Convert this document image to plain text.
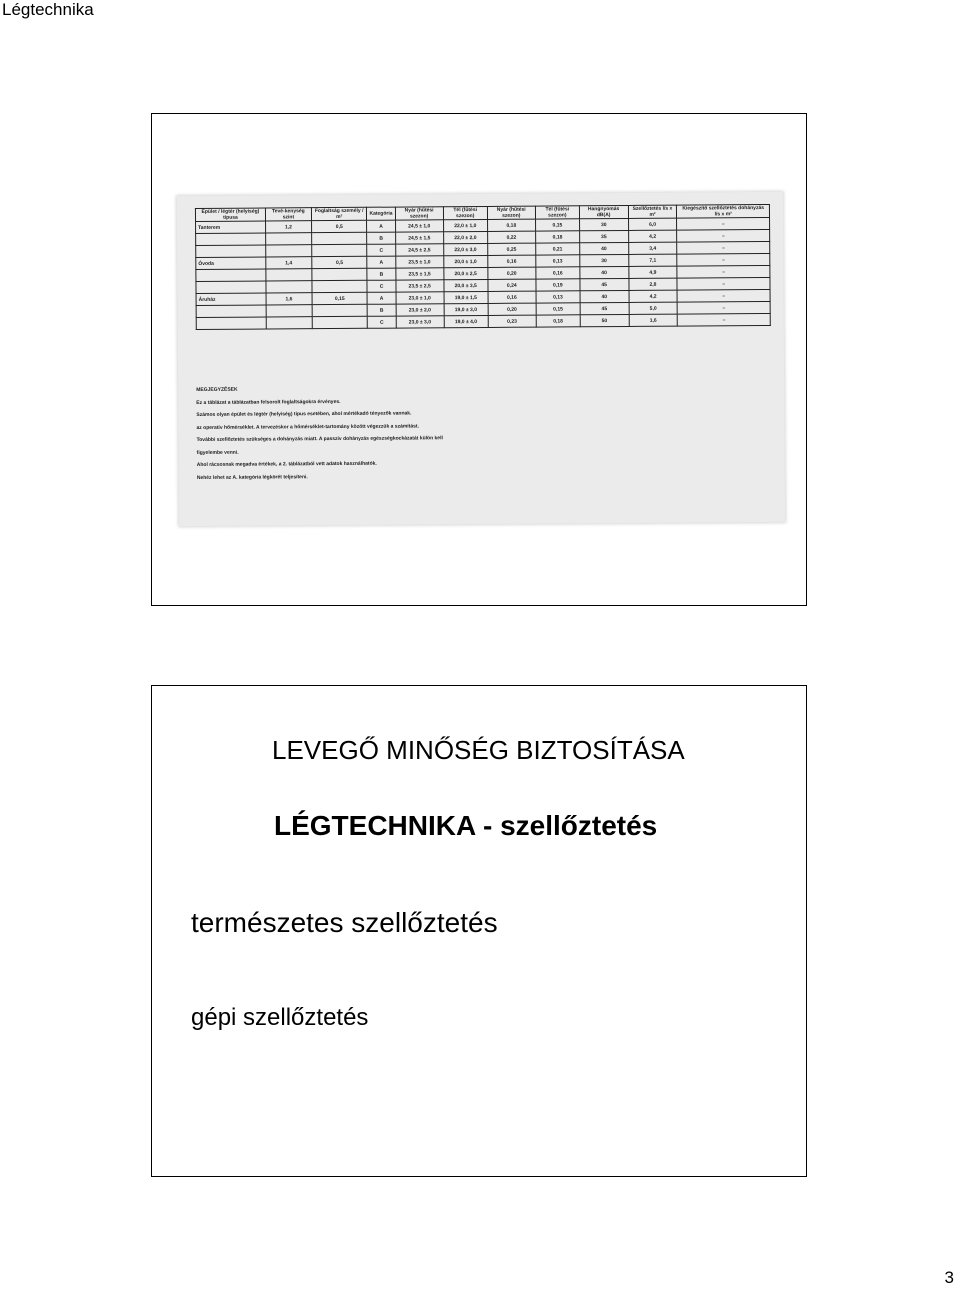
Légtechnika
Épület / légtér (helyiség) típusa	Tevé-kenység szint	Foglaltság személy / m²	Kategória	Nyár (hűtési szezon)	Tél (fűtési szezon)	Nyár (hűtési szezon)	Tél (fűtési szezon)	Hangnyomás dB(A)	Szellőztetés l/s x m²	Kiegészítő szellőztetés dohányzás l/s x m²
Tanterem	1,2	0,5	A	24,5 ± 1,0	22,0 ± 1,0	0,18	0,15	30	6,0	–
			B	24,5 ± 1,5	22,0 ± 2,0	0,22	0,18	35	4,2	–
			C	24,5 ± 2,5	22,0 ± 3,0	0,25	0,21	40	3,4	–
Óvoda	1,4	0,5	A	23,5 ± 1,0	20,0 ± 1,0	0,16	0,13	30	7,1	–
			B	23,5 ± 1,5	20,0 ± 2,5	0,20	0,16	40	4,9	–
			C	23,5 ± 2,5	20,0 ± 3,5	0,24	0,19	45	2,8	–
Áruház	1,6	0,15	A	23,0 ± 1,0	19,0 ± 1,5	0,16	0,13	40	4,2	–
			B	23,0 ± 2,0	19,0 ± 3,0	0,20	0,15	45	5,0	–
			C	23,0 ± 3,0	19,0 ± 4,0	0,23	0,18	50	1,6	–

MEGJEGYZÉSEK

Ez a táblázat a táblázatban felsorolt foglaltságokra érvényes.

Számos olyan épület és légtér (helyiség) típus esetében, ahol mértékadó tényezők vannak.

az operatív hőmérséklet. A tervezéskor a hőmérséklet-tartomány között végezzük a számítást.

További szellőztetés szükséges a dohányzás miatt. A passzív dohányzás egészségkockázatát külön kell

figyelembe venni.

Ahol rácsosnak megadva értékek, a 2. táblázatból vett adatok használhatók.

Nehéz lehet az A. kategória légkörét teljesíteni.

LEVEGŐ MINŐSÉG BIZTOSÍTÁSA
LÉGTECHNIKA - szellőztetés
természetes szellőztetés
gépi szellőztetés
3
